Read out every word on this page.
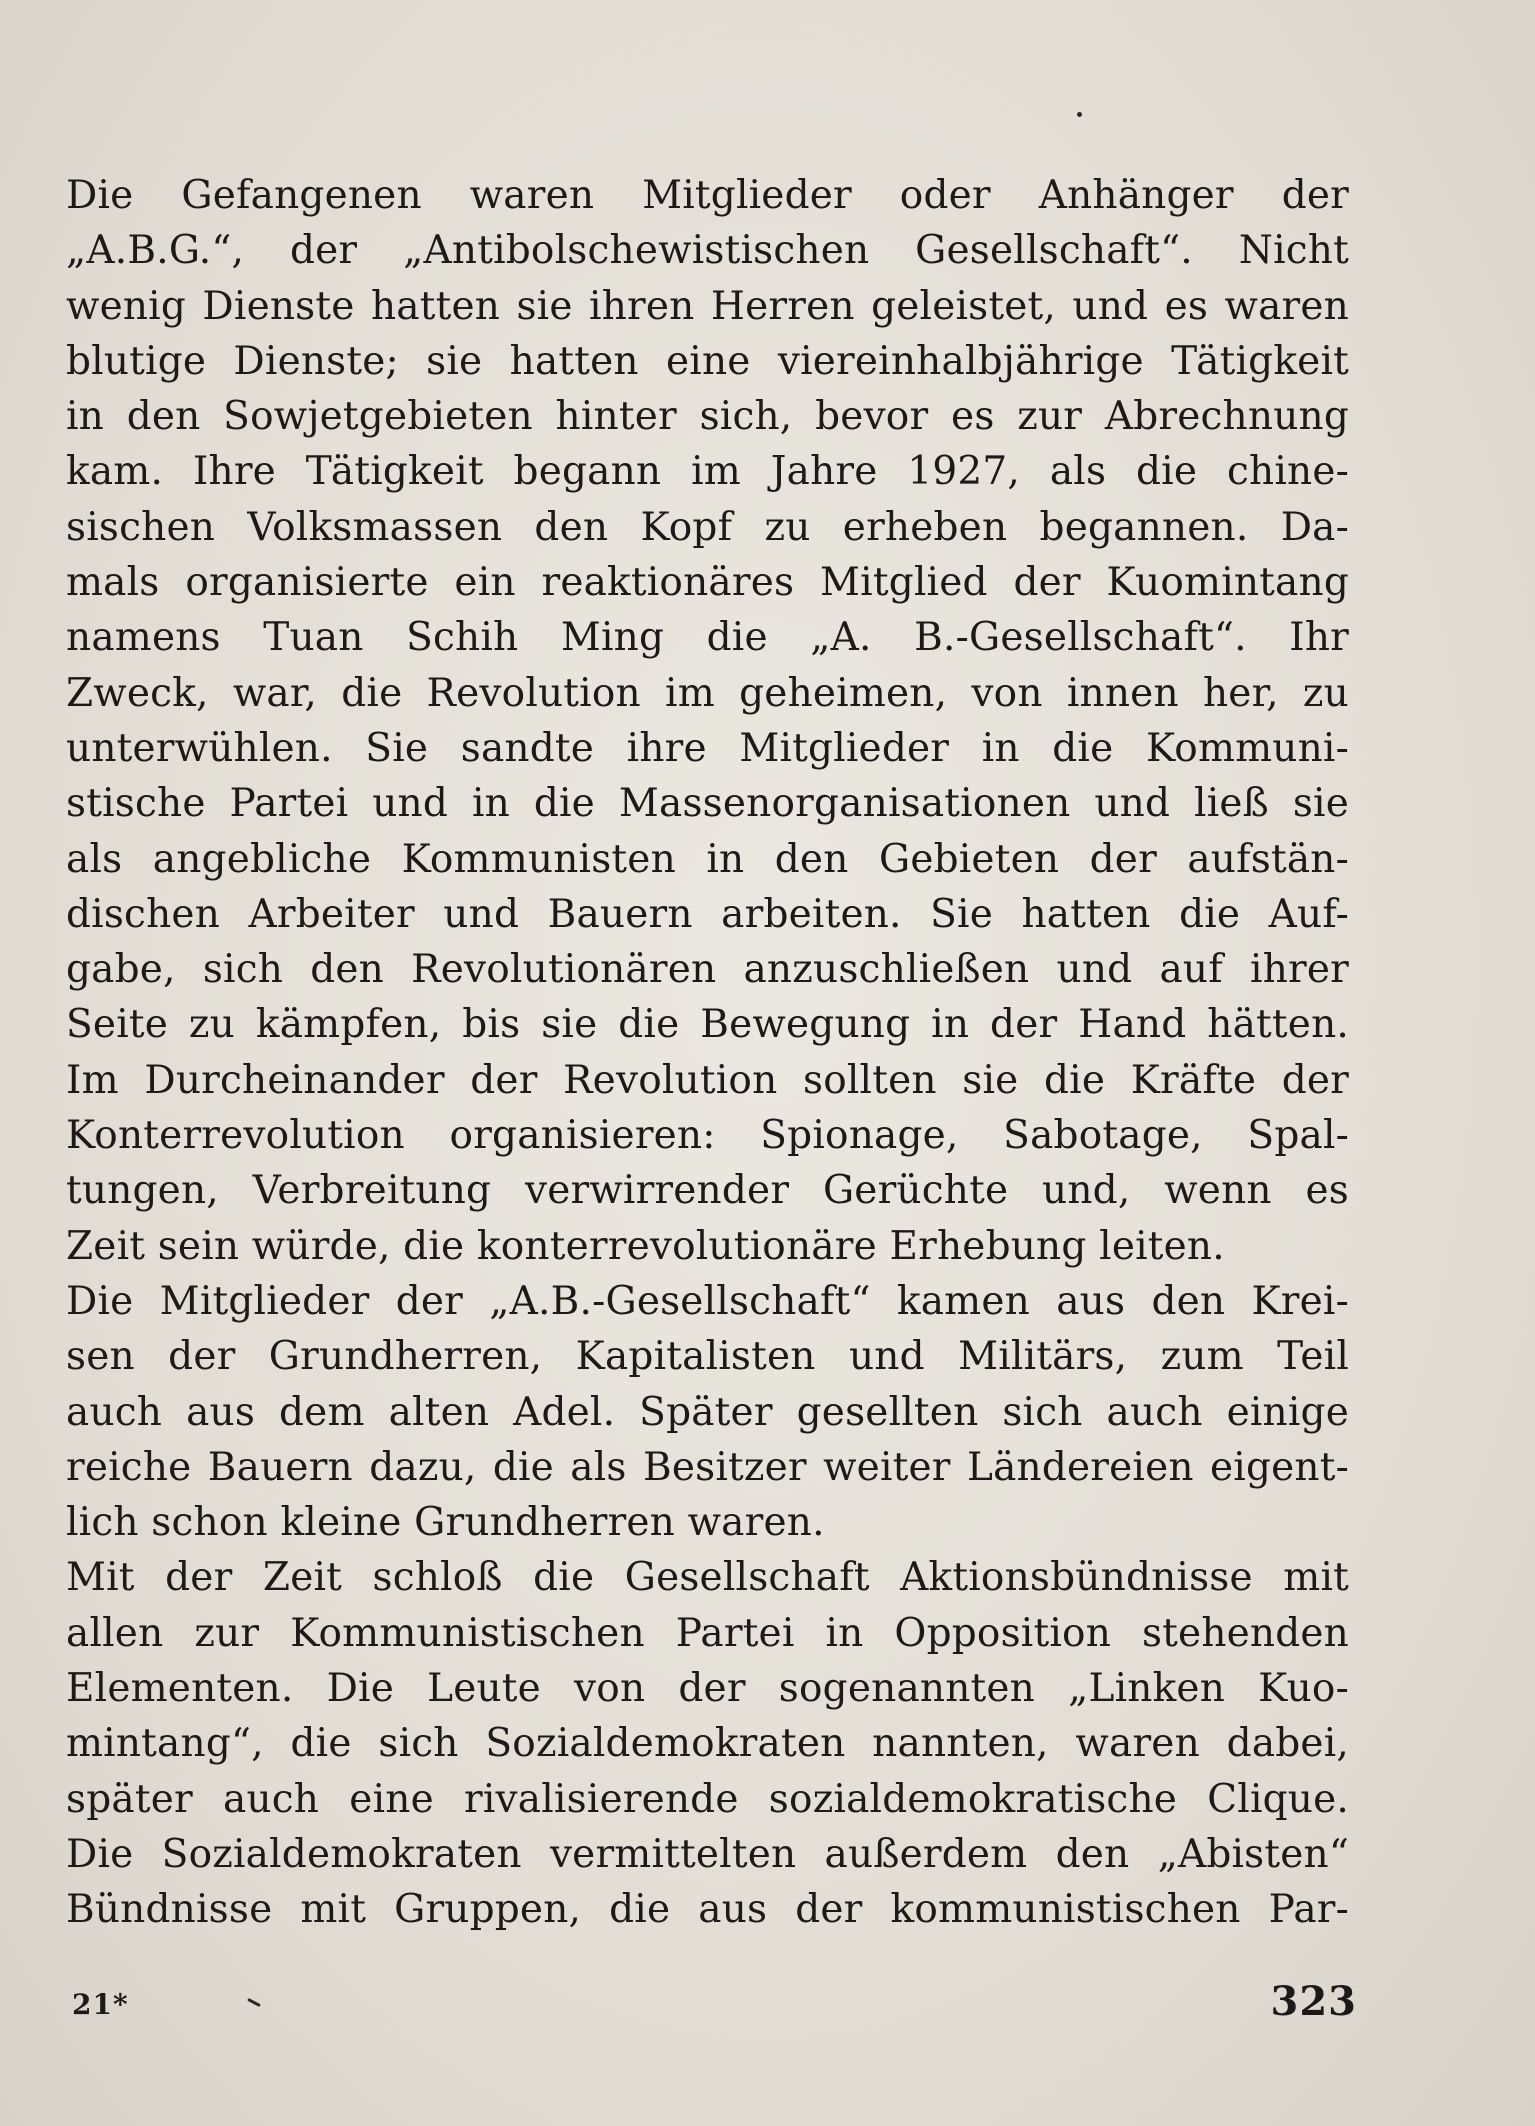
Die Gefangenen waren Mitglieder oder Anhänger der
„A.B.G.“, der „Antibolschewistischen Gesellschaft“. Nicht
wenig Dienste hatten sie ihren Herren geleistet, und es waren
blutige Dienste; sie hatten eine viereinhalbjährige Tätigkeit
in den Sowjetgebieten hinter sich, bevor es zur Abrechnung
kam. Ihre Tätigkeit begann im Jahre 1927, als die chine-
sischen Volksmassen den Kopf zu erheben begannen. Da-
mals organisierte ein reaktionäres Mitglied der Kuomintang
namens Tuan Schih Ming die „A. B.-Gesellschaft“. Ihr
Zweck, war, die Revolution im geheimen, von innen her, zu
unterwühlen. Sie sandte ihre Mitglieder in die Kommuni-
stische Partei und in die Massenorganisationen und ließ sie
als angebliche Kommunisten in den Gebieten der aufstän-
dischen Arbeiter und Bauern arbeiten. Sie hatten die Auf-
gabe, sich den Revolutionären anzuschließen und auf ihrer
Seite zu kämpfen, bis sie die Bewegung in der Hand hätten.
Im Durcheinander der Revolution sollten sie die Kräfte der
Konterrevolution organisieren: Spionage, Sabotage, Spal-
tungen, Verbreitung verwirrender Gerüchte und, wenn es
Zeit sein würde, die konterrevolutionäre Erhebung leiten.
Die Mitglieder der „A.B.-Gesellschaft“ kamen aus den Krei-
sen der Grundherren, Kapitalisten und Militärs, zum Teil
auch aus dem alten Adel. Später gesellten sich auch einige
reiche Bauern dazu, die als Besitzer weiter Ländereien eigent-
lich schon kleine Grundherren waren.
Mit der Zeit schloß die Gesellschaft Aktionsbündnisse mit
allen zur Kommunistischen Partei in Opposition stehenden
Elementen. Die Leute von der sogenannten „Linken Kuo-
mintang“, die sich Sozialdemokraten nannten, waren dabei,
später auch eine rivalisierende sozialdemokratische Clique.
Die Sozialdemokraten vermittelten außerdem den „Abisten“
Bündnisse mit Gruppen, die aus der kommunistischen Par-
21*	323
